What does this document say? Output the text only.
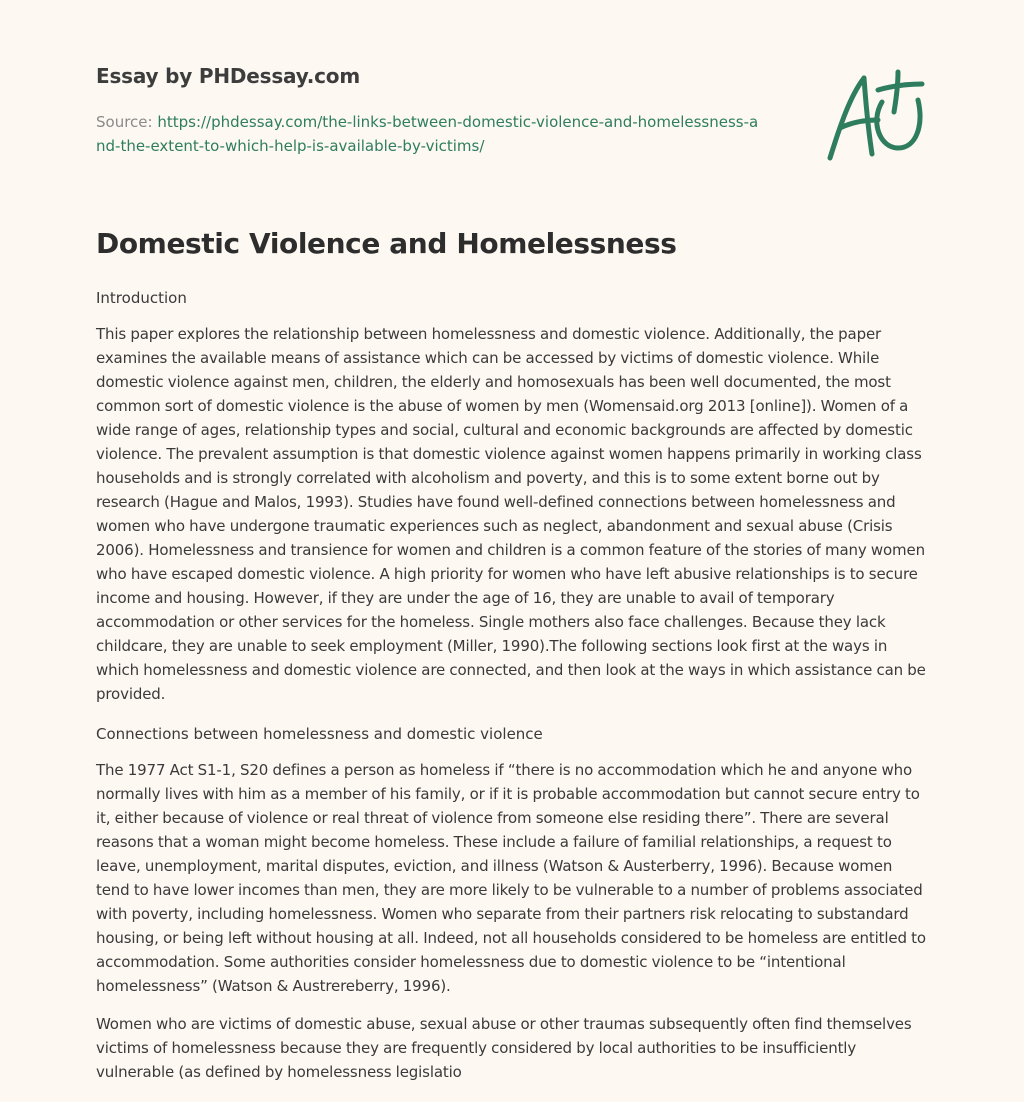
Essay by PHDessay.com
Source: https://phdessay.com/the-links-between-domestic-violence-and-homelessness-and-the-extent-to-which-help-is-available-by-victims/
Domestic Violence and Homelessness

Introduction

This paper explores the relationship between homelessness and domestic violence. Additionally, the paper examines the available means of assistance which can be accessed by victims of domestic violence. While domestic violence against men, children, the elderly and homosexuals has been well documented, the most common sort of domestic violence is the abuse of women by men (Womensaid.org 2013 [online]). Women of a wide range of ages, relationship types and social, cultural and economic backgrounds are affected by domestic violence. The prevalent assumption is that domestic violence against women happens primarily in working class households and is strongly correlated with alcoholism and poverty, and this is to some extent borne out by research (Hague and Malos, 1993). Studies have found well-defined connections between homelessness and women who have undergone traumatic experiences such as neglect, abandonment and sexual abuse (Crisis 2006). Homelessness and transience for women and children is a common feature of the stories of many women who have escaped domestic violence. A high priority for women who have left abusive relationships is to secure income and housing. However, if they are under the age of 16, they are unable to avail of temporary accommodation or other services for the homeless. Single mothers also face challenges. Because they lack childcare, they are unable to seek employment (Miller, 1990).The following sections look first at the ways in which homelessness and domestic violence are connected, and then look at the ways in which assistance can be provided.

Connections between homelessness and domestic violence

The 1977 Act S1-1, S20 defines a person as homeless if “there is no accommodation which he and anyone who normally lives with him as a member of his family, or if it is probable accommodation but cannot secure entry to it, either because of violence or real threat of violence from someone else residing there”. There are several reasons that a woman might become homeless. These include a failure of familial relationships, a request to leave, unemployment, marital disputes, eviction, and illness (Watson & Austerberry, 1996). Because women tend to have lower incomes than men, they are more likely to be vulnerable to a number of problems associated with poverty, including homelessness. Women who separate from their partners risk relocating to substandard housing, or being left without housing at all. Indeed, not all households considered to be homeless are entitled to accommodation. Some authorities consider homelessness due to domestic violence to be “intentional homelessness” (Watson & Austrereberry, 1996).

Women who are victims of domestic abuse, sexual abuse or other traumas subsequently often find themselves victims of homelessness because they are frequently considered by local authorities to be insufficiently vulnerable (as defined by homelessness legislatio
